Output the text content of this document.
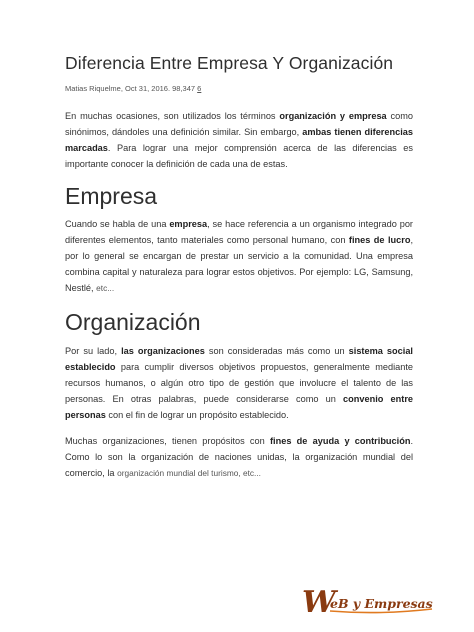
Diferencia Entre Empresa Y Organización
Matias Riquelme, Oct 31, 2016. 98,347 6

En muchas ocasiones, son utilizados los términos organización y empresa como sinónimos, dándoles una definición similar. Sin embargo, ambas tienen diferencias marcadas. Para lograr una mejor comprensión acerca de las diferencias es importante conocer la definición de cada una de estas.

Empresa

Cuando se habla de una empresa, se hace referencia a un organismo integrado por diferentes elementos, tanto materiales como personal humano, con fines de lucro, por lo general se encargan de prestar un servicio a la comunidad. Una empresa combina capital y naturaleza para lograr estos objetivos. Por ejemplo: LG, Samsung, Nestlé, etc...

Organización

Por su lado, las organizaciones son consideradas más como un sistema social establecido para cumplir diversos objetivos propuestos, generalmente mediante recursos humanos, o algún otro tipo de gestión que involucre el talento de las personas. En otras palabras, puede considerarse como un convenio entre personas con el fin de lograr un propósito establecido.

Muchas organizaciones, tienen propósitos con fines de ayuda y contribución. Como lo son la organización de naciones unidas, la organización mundial del comercio, la organización mundial del turismo, etc...

W
eB y Empresas
